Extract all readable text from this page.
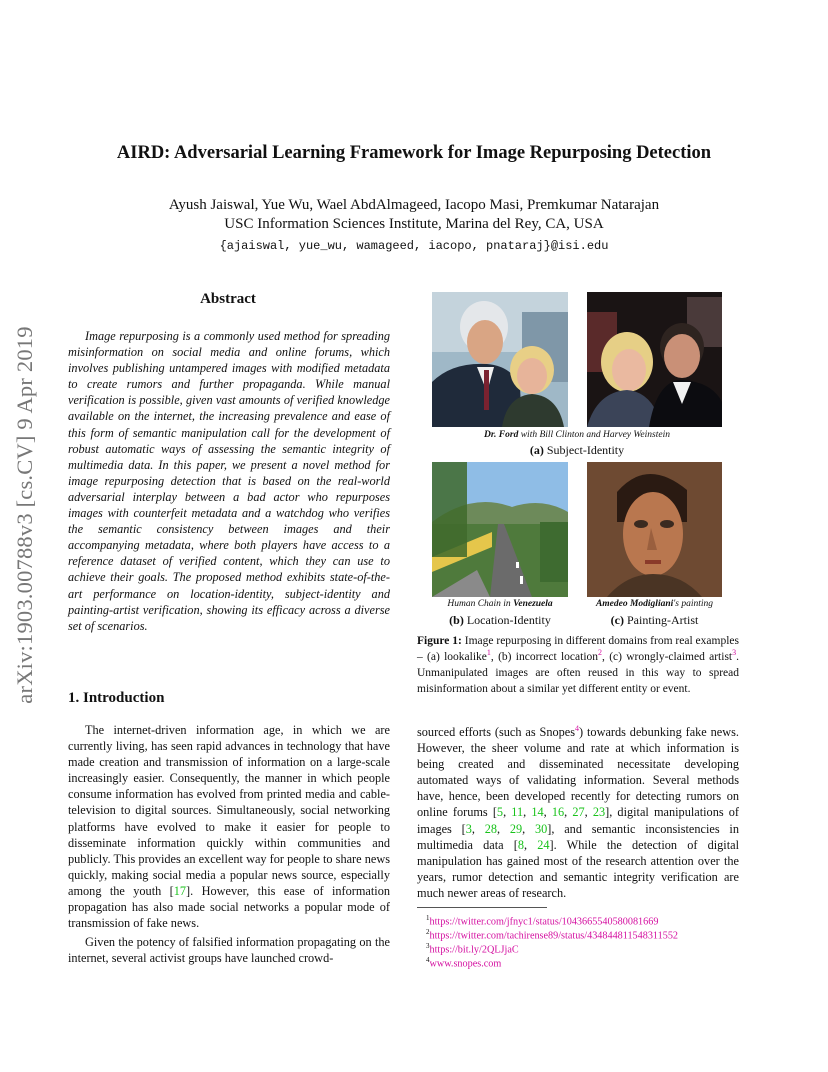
arXiv:1903.00788v3 [cs.CV] 9 Apr 2019
AIRD: Adversarial Learning Framework for Image Repurposing Detection
Ayush Jaiswal, Yue Wu, Wael AbdAlmageed, Iacopo Masi, Premkumar Natarajan
USC Information Sciences Institute, Marina del Rey, CA, USA
{ajaiswal, yue_wu, wamageed, iacopo, pnataraj}@isi.edu
Abstract

Image repurposing is a commonly used method for spreading misinformation on social media and online forums, which involves publishing untampered images with modified metadata to create rumors and further propaganda. While manual verification is possible, given vast amounts of verified knowledge available on the internet, the increasing prevalence and ease of this form of semantic manipulation call for the development of robust automatic ways of assessing the semantic integrity of multimedia data. In this paper, we present a novel method for image repurposing detection that is based on the real-world adversarial interplay between a bad actor who repurposes images with counterfeit metadata and a watchdog who verifies the semantic consistency between images and their accompanying metadata, where both players have access to a reference dataset of verified content, which they can use to achieve their goals. The proposed method exhibits state-of-the-art performance on location-identity, subject-identity and painting-artist verification, showing its efficacy across a diverse set of scenarios.

Dr. Ford with Bill Clinton and Harvey Weinstein
(a) Subject-Identity
Human Chain in Venezuela	Amedeo Modigliani's painting
(b) Location-Identity	(c) Painting-Artist

Figure 1: Image repurposing in different domains from real examples – (a) lookalike$^1$, (b) incorrect location$^2$, (c) wrongly-claimed artist$^3$. Unmanipulated images are often reused in this way to spread misinformation about a similar yet different entity or event.

1. Introduction

The internet-driven information age, in which we are currently living, has seen rapid advances in technology that have made creation and transmission of information on a large-scale increasingly easier. Consequently, the manner in which people consume information has evolved from printed media and cable-television to digital sources. Simultaneously, social networking platforms have evolved to make it easier for people to disseminate information quickly within communities and publicly. This provides an excellent way for people to share news quickly, making social media a popular news source, especially among the youth [17]. However, this ease of information propagation has also made social networks a popular mode of transmission of fake news.

Given the potency of falsified information propagating on the internet, several activist groups have launched crowd-

sourced efforts (such as Snopes$^4$) towards debunking fake news. However, the sheer volume and rate at which information is being created and disseminated necessitate developing automated ways of validating information. Several methods have, hence, been developed recently for detecting rumors on online forums [5, 11, 14, 16, 27, 23], digital manipulations of images [3, 28, 29, 30], and semantic inconsistencies in multimedia data [8, 24]. While the detection of digital manipulation has gained most of the research attention over the years, rumor detection and semantic integrity verification are much newer areas of research.

$^1$https://twitter.com/jfnyc1/status/1043665540580081669
$^2$https://twitter.com/tachirense89/status/434844811548311552
$^3$https://bit.ly/2QLJjaC
$^4$www.snopes.com
